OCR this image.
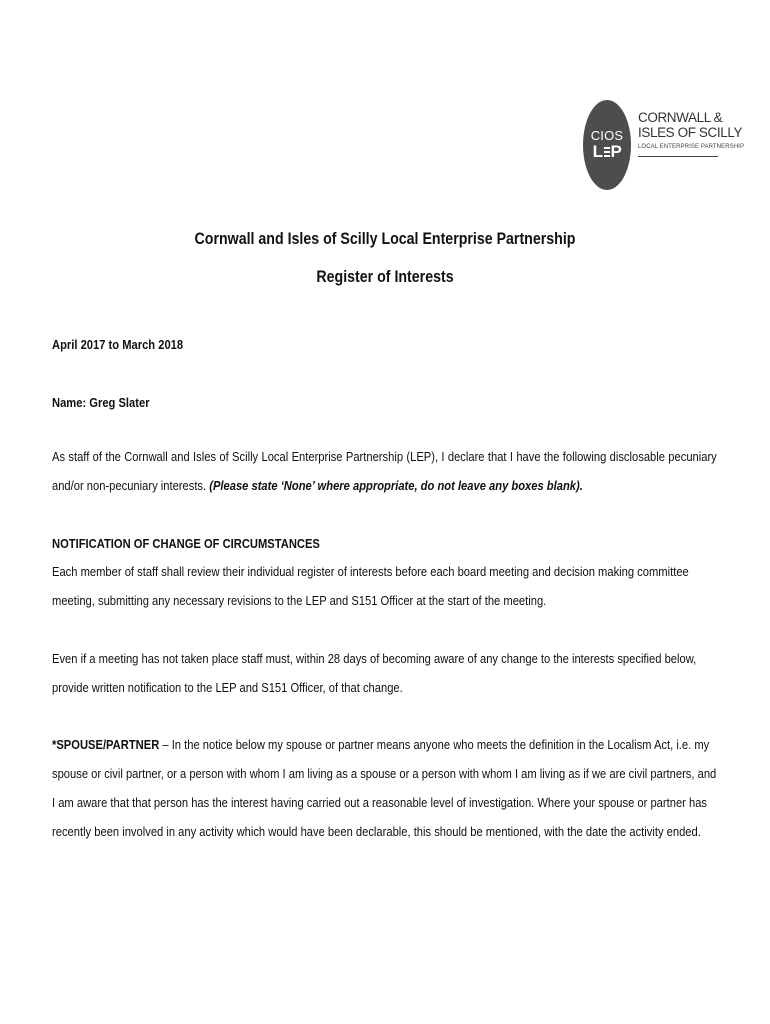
CIOS
L P
CORNWALL &
ISLES OF SCILLY
LOCAL ENTERPRISE PARTNERSHIP
Cornwall and Isles of Scilly Local Enterprise Partnership
Register of Interests
April 2017 to March 2018
Name: Greg Slater
As staff of the Cornwall and Isles of Scilly Local Enterprise Partnership (LEP), I declare that I have the following disclosable pecuniary and/or non-pecuniary interests. (Please state ‘None’ where appropriate, do not leave any boxes blank).
NOTIFICATION OF CHANGE OF CIRCUMSTANCES
Each member of staff shall review their individual register of interests before each board meeting and decision making committee meeting, submitting any necessary revisions to the LEP and S151 Officer at the start of the meeting.
Even if a meeting has not taken place staff must, within 28 days of becoming aware of any change to the interests specified below, provide written notification to the LEP and S151 Officer, of that change.
*SPOUSE/PARTNER – In the notice below my spouse or partner means anyone who meets the definition in the Localism Act, i.e. my spouse or civil partner, or a person with whom I am living as a spouse or a person with whom I am living as if we are civil partners, and I am aware that that person has the interest having carried out a reasonable level of investigation. Where your spouse or partner has recently been involved in any activity which would have been declarable, this should be mentioned, with the date the activity ended.
